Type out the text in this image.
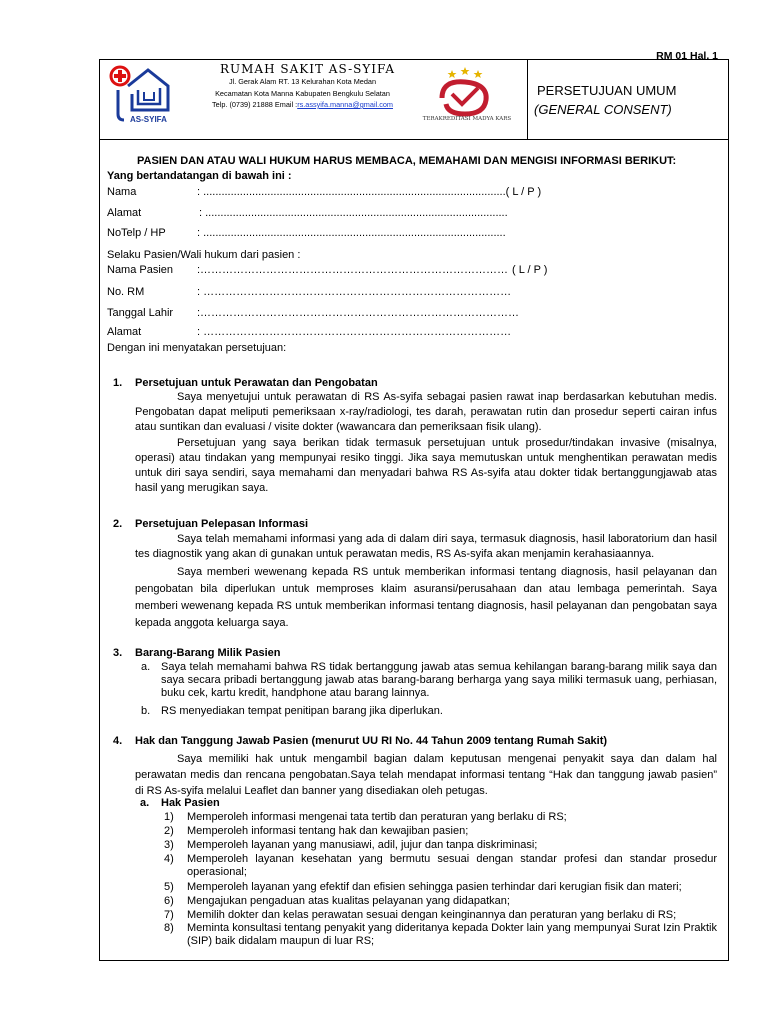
RM 01 Hal. 1
AS-SYIFA
RUMAH SAKIT AS-SYIFA
Jl. Gerak Alam RT. 13 Kelurahan Kota Medan
Kecamatan Kota Manna Kabupaten Bengkulu Selatan
Telp. (0739) 21888 Email :rs.assyifa.manna@gmail.com
TERAKREDITASI MADYA KARS
PERSETUJUAN UMUM
(GENERAL CONSENT)
PASIEN DAN ATAU WALI HUKUM HARUS MEMBACA, MEMAHAMI DAN MENGISI INFORMASI BERIKUT:
Yang bertandatangan di bawah ini :
Nama	: ...................................................................................................( L / P )
Alamat	: ...................................................................................................
NoTelp / HP	: ...................................................................................................
Selaku Pasien/Wali hukum dari pasien :
Nama Pasien :………………………………………………………………………… ( L / P )
No. RM	: …………………………………………………………………………
Tanggal Lahir :……………………………………………………………………………
Alamat	: …………………………………………………………………………
Dengan ini menyatakan persetujuan:
1. Persetujuan untuk Perawatan dan Pengobatan
Saya menyetujui untuk perawatan di RS As-syifa sebagai pasien rawat inap berdasarkan kebutuhan medis. Pengobatan dapat meliputi pemeriksaan x-ray/radiologi, tes darah, perawatan rutin dan prosedur seperti cairan infus atau suntikan dan evaluasi / visite dokter (wawancara dan pemeriksaan fisik ulang).
Persetujuan yang saya berikan tidak termasuk persetujuan untuk prosedur/tindakan invasive (misalnya, operasi) atau tindakan yang mempunyai resiko tinggi. Jika saya memutuskan untuk menghentikan perawatan medis untuk diri saya sendiri, saya memahami dan menyadari bahwa RS As-syifa atau dokter tidak bertanggungjawab atas hasil yang merugikan saya.
2. Persetujuan Pelepasan Informasi
Saya telah memahami informasi yang ada di dalam diri saya, termasuk diagnosis, hasil laboratorium dan hasil tes diagnostik yang akan di gunakan untuk perawatan medis, RS As-syifa akan menjamin kerahasiaannya.
Saya memberi wewenang kepada RS untuk memberikan informasi tentang diagnosis, hasil pelayanan dan pengobatan bila diperlukan untuk memproses klaim asuransi/perusahaan dan atau lembaga pemerintah. Saya memberi wewenang kepada RS untuk memberikan informasi tentang diagnosis, hasil pelayanan dan pengobatan saya kepada anggota keluarga saya.
3. Barang-Barang Milik Pasien
a. Saya telah memahami bahwa RS tidak bertanggung jawab atas semua kehilangan barang-barang milik saya dan saya secara pribadi bertanggung jawab atas barang-barang berharga yang saya miliki termasuk uang, perhiasan, buku cek, kartu kredit, handphone atau barang lainnya.
b. RS menyediakan tempat penitipan barang jika diperlukan.
4. Hak dan Tanggung Jawab Pasien (menurut UU RI No. 44 Tahun 2009 tentang Rumah Sakit)
Saya memiliki hak untuk mengambil bagian dalam keputusan mengenai penyakit saya dan dalam hal perawatan medis dan rencana pengobatan.Saya telah mendapat informasi tentang “Hak dan tanggung jawab pasien” di RS As-syifa melalui Leaflet dan banner yang disediakan oleh petugas.
a. Hak Pasien
1) Memperoleh informasi mengenai tata tertib dan peraturan yang berlaku di RS;
2) Memperoleh informasi tentang hak dan kewajiban pasien;
3) Memperoleh layanan yang manusiawi, adil, jujur dan tanpa diskriminasi;
4) Memperoleh layanan kesehatan yang bermutu sesuai dengan standar profesi dan standar prosedur operasional;
5) Memperoleh layanan yang efektif dan efisien sehingga pasien terhindar dari kerugian fisik dan materi;
6) Mengajukan pengaduan atas kualitas pelayanan yang didapatkan;
7) Memilih dokter dan kelas perawatan sesuai dengan keinginannya dan peraturan yang berlaku di RS;
8) Meminta konsultasi tentang penyakit yang dideritanya kepada Dokter lain yang mempunyai Surat Izin Praktik (SIP) baik didalam maupun di luar RS;
